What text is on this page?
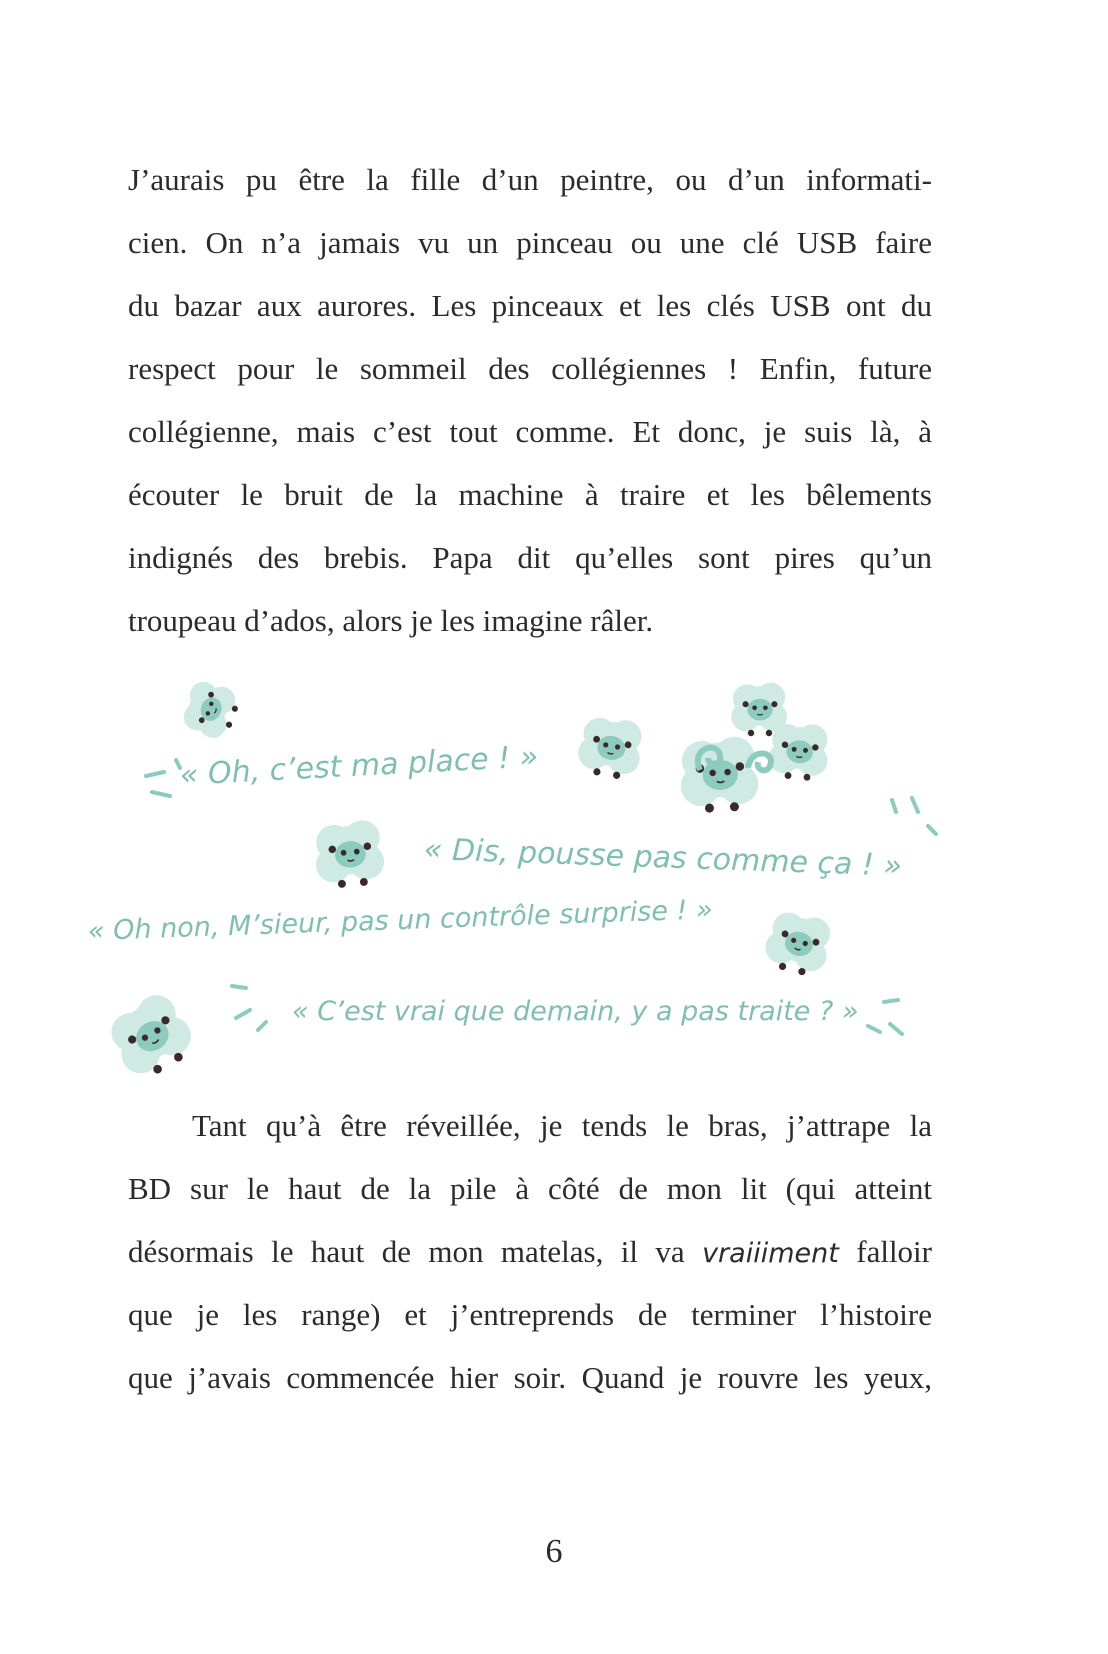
J’aurais pu être la fille d’un peintre, ou d’un informati-
cien. On n’a jamais vu un pinceau ou une clé USB faire
du bazar aux aurores. Les pinceaux et les clés USB ont du
respect pour le sommeil des collégiennes ! Enfin, future
collégienne, mais c’est tout comme. Et donc, je suis là, à
écouter le bruit de la machine à traire et les bêlements
indignés des brebis. Papa dit qu’elles sont pires qu’un
troupeau d’ados, alors je les imagine râler.
« Oh, c’est ma place ! »
« Dis, pousse pas comme ça ! »
« Oh non, M’sieur, pas un contrôle surprise ! »
« C’est vrai que demain, y a pas traite ? »
Tant qu’à être réveillée, je tends le bras, j’attrape la
BD sur le haut de la pile à côté de mon lit (qui atteint
désormais le haut de mon matelas, il va vraiiiment falloir
que je les range) et j’entreprends de terminer l’histoire
que j’avais commencée hier soir. Quand je rouvre les yeux,
6
